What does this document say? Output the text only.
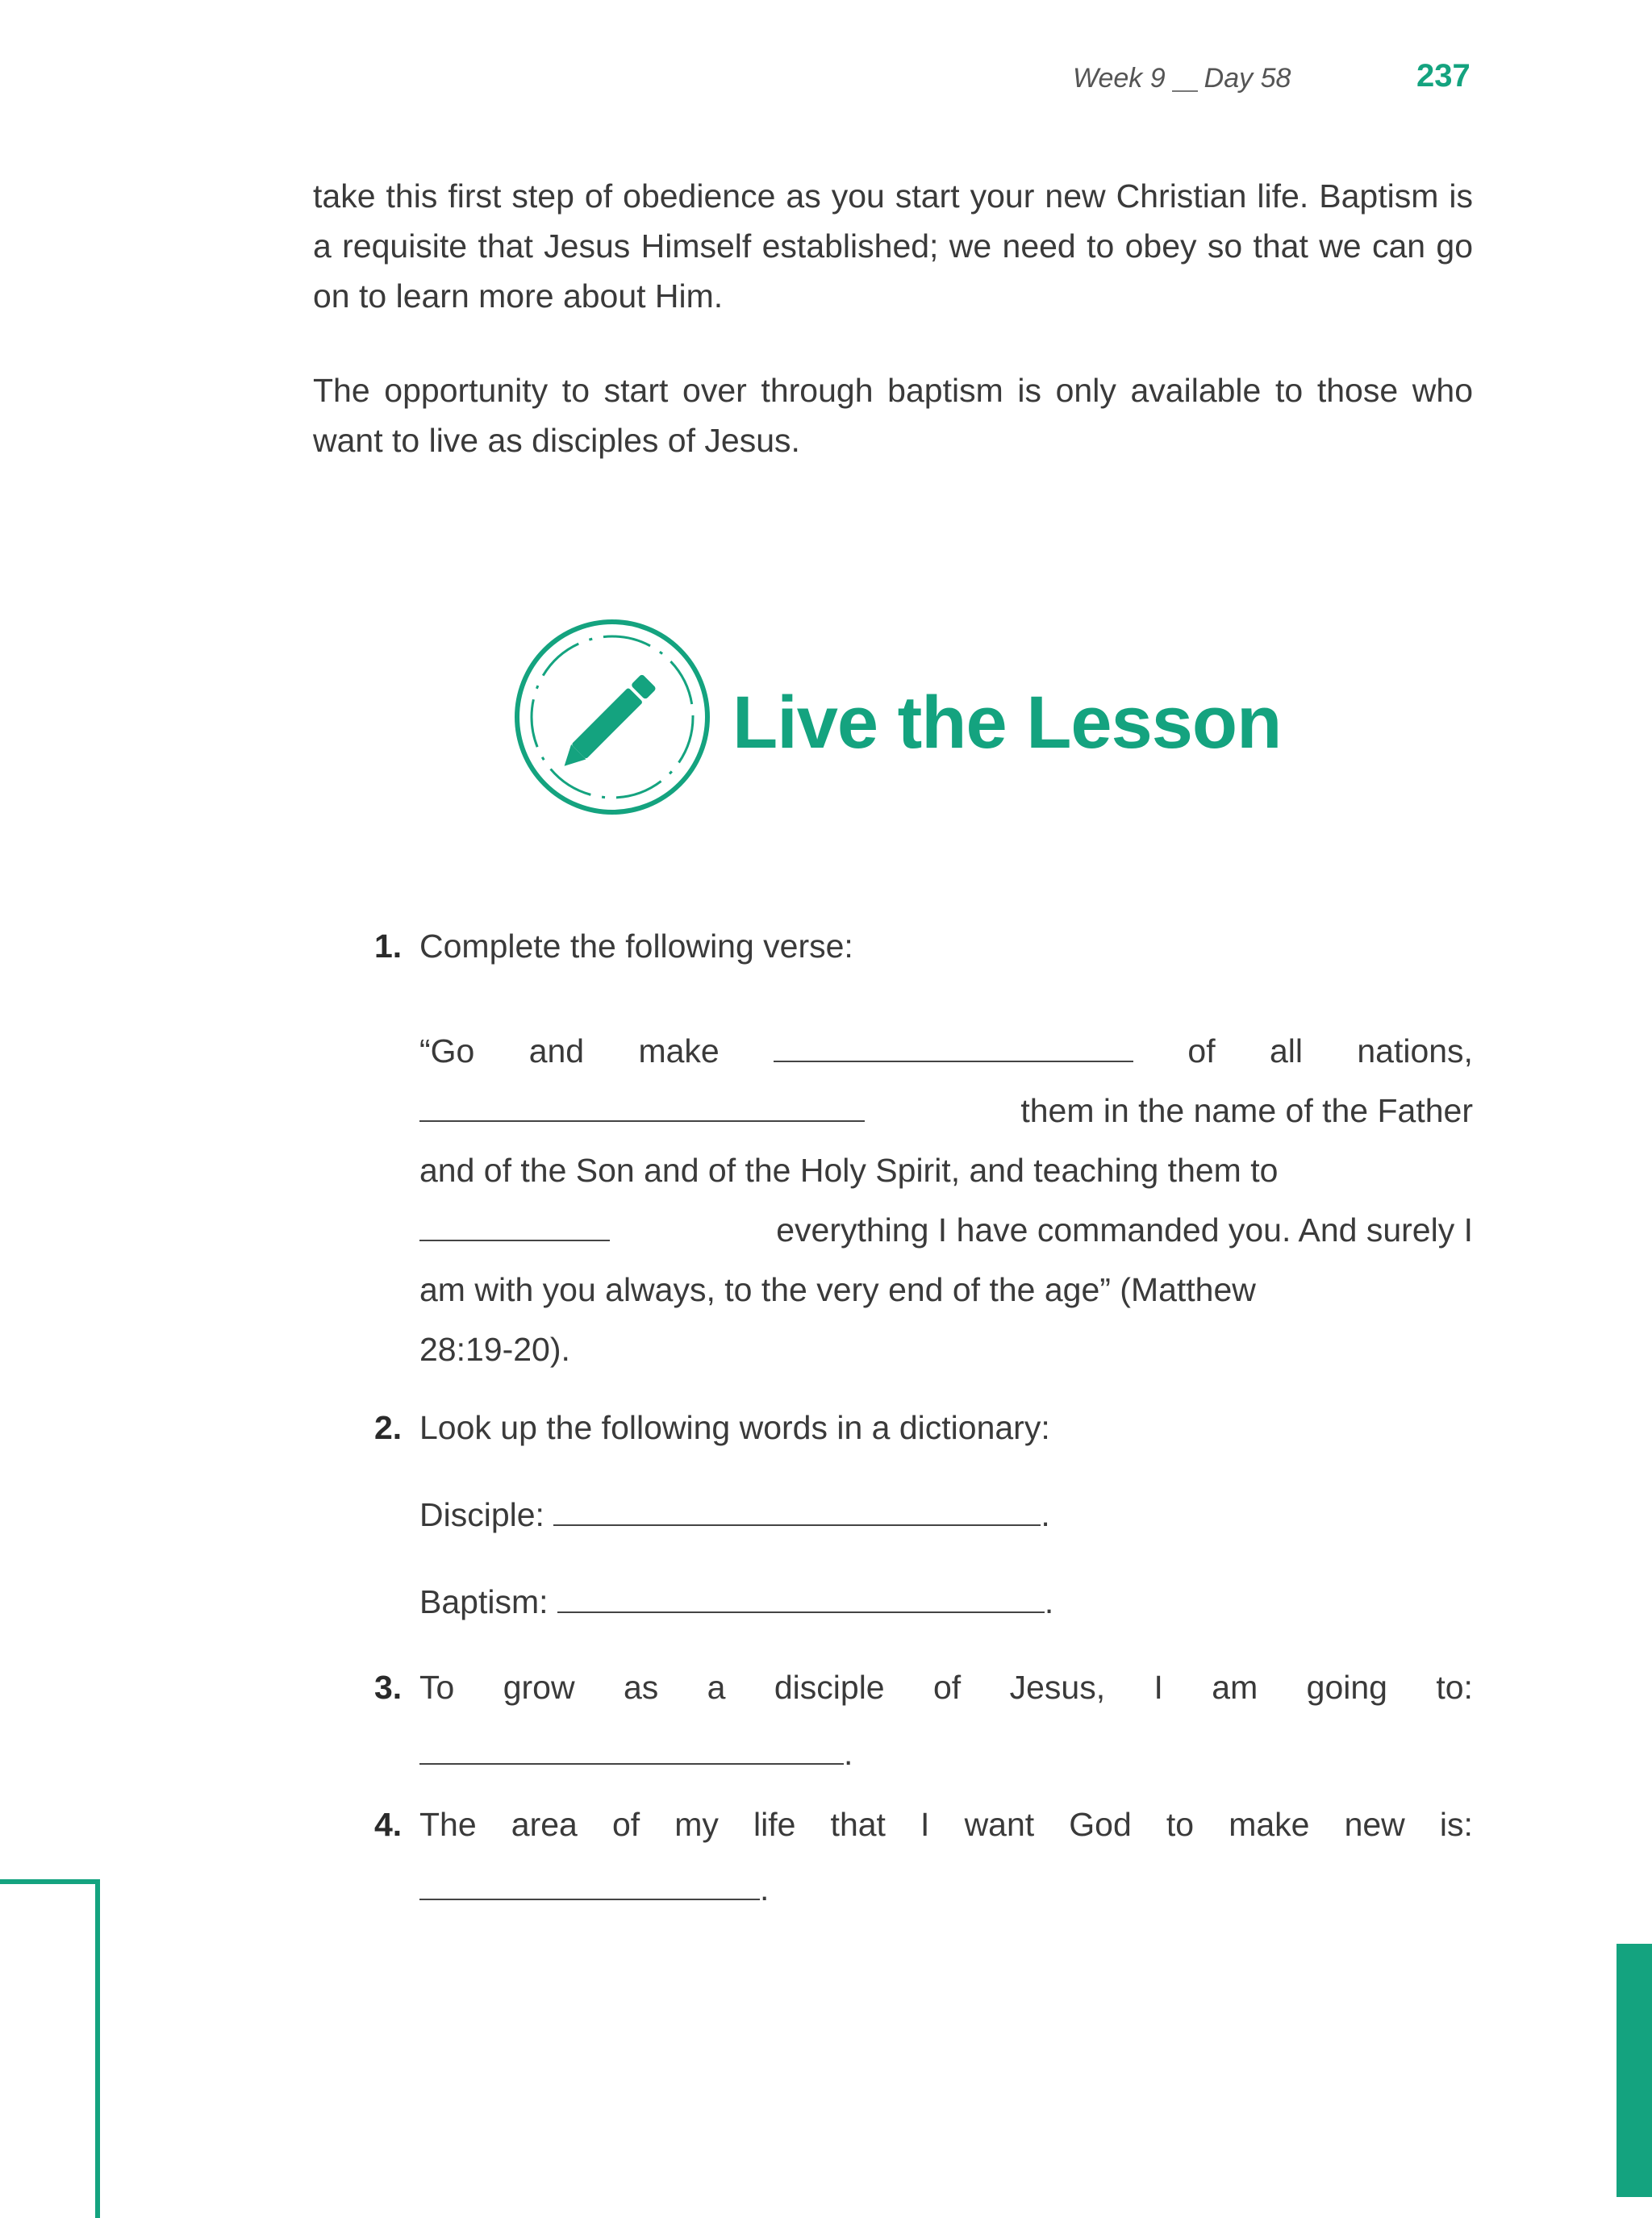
Week 9 Day 58	237
take this first step of obedience as you start your new Christian life. Baptism is a requisite that Jesus Himself established; we need to obey so that we can go on to learn more about Him.
The opportunity to start over through baptism is only available to those who want to live as disciples of Jesus.
Live the Lesson
1. Complete the following verse:
“Go and make	of all nations,
them in the name of the Father
and of the Son and of the Holy Spirit, and teaching them to
everything I have commanded you. And surely I
am with you always, to the very end of the age” (Matthew
28:19-20).
2. Look up the following words in a dictionary:
Disciple:	.
Baptism:	.
3. To grow as a disciple of Jesus, I am going to:
.
4. The area of my life that I want God to make new is:
.
